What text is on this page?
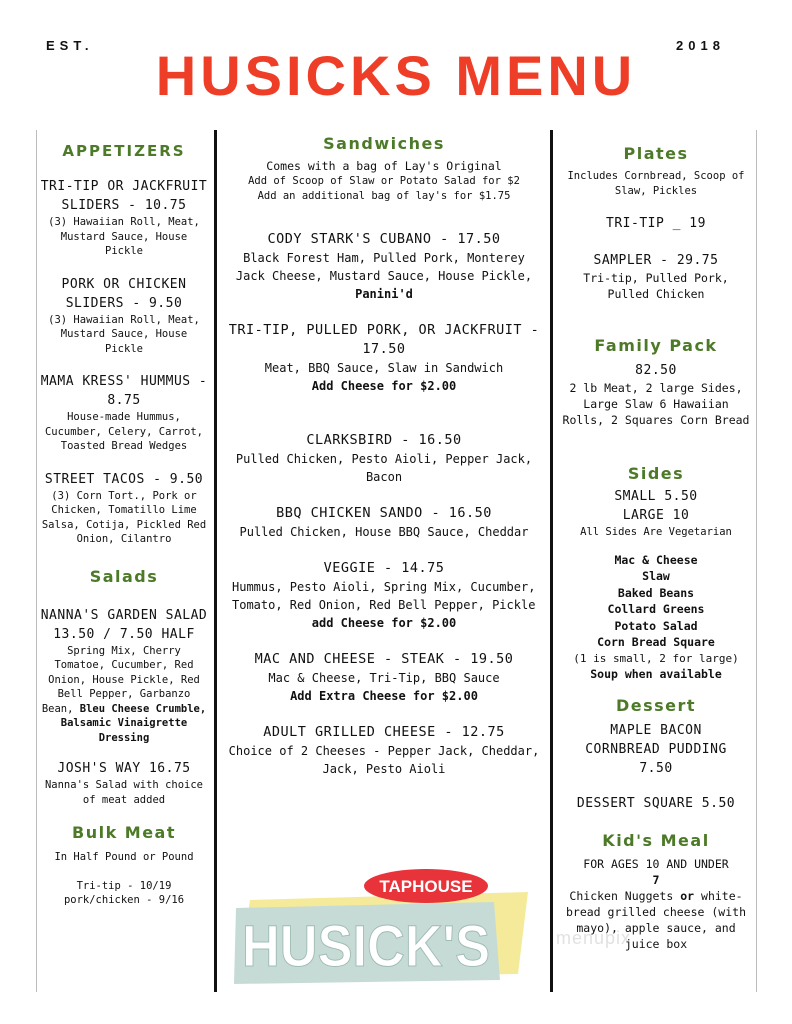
EST.	2018
HUSICKS MENU
APPETIZERS

TRI-TIP OR JACKFRUIT SLIDERS - 10.75

(3) Hawaiian Roll, Meat, Mustard Sauce, House Pickle

PORK OR CHICKEN SLIDERS - 9.50

(3) Hawaiian Roll, Meat, Mustard Sauce, House Pickle

MAMA KRESS' HUMMUS - 8.75

House-made Hummus, Cucumber, Celery, Carrot, Toasted Bread Wedges

STREET TACOS - 9.50

(3) Corn Tort., Pork or Chicken, Tomatillo Lime Salsa, Cotija, Pickled Red Onion, Cilantro

Salads

NANNA'S GARDEN SALAD 13.50 / 7.50 HALF

Spring Mix, Cherry Tomatoe, Cucumber, Red Onion, House Pickle, Red Bell Pepper, Garbanzo Bean, Bleu Cheese Crumble, Balsamic Vinaigrette Dressing

JOSH'S WAY 16.75

Nanna's Salad with choice of meat added

Bulk Meat

In Half Pound or Pound

Tri-tip - 10/19

pork/chicken - 9/16

Sandwiches

Comes with a bag of Lay's Original

Add of Scoop of Slaw or Potato Salad for $2

Add an additional bag of lay's for $1.75

CODY STARK'S CUBANO - 17.50

Black Forest Ham, Pulled Pork, Monterey Jack Cheese, Mustard Sauce, House Pickle, Panini'd

TRI-TIP, PULLED PORK, OR JACKFRUIT - 17.50

Meat, BBQ Sauce, Slaw in Sandwich

Add Cheese for $2.00

CLARKSBIRD - 16.50

Pulled Chicken, Pesto Aioli, Pepper Jack, Bacon

BBQ CHICKEN SANDO - 16.50

Pulled Chicken, House BBQ Sauce, Cheddar

VEGGIE - 14.75

Hummus, Pesto Aioli, Spring Mix, Cucumber, Tomato, Red Onion, Red Bell Pepper, Pickle

add Cheese for $2.00

MAC AND CHEESE - STEAK - 19.50

Mac & Cheese, Tri-Tip, BBQ Sauce

Add Extra Cheese for $2.00

ADULT GRILLED CHEESE - 12.75

Choice of 2 Cheeses - Pepper Jack, Cheddar, Jack, Pesto Aioli

Plates

Includes Cornbread, Scoop of Slaw, Pickles

TRI-TIP _ 19

SAMPLER - 29.75

Tri-tip, Pulled Pork, Pulled Chicken

Family Pack

82.50

2 lb Meat, 2 large Sides, Large Slaw 6 Hawaiian Rolls, 2 Squares Corn Bread

Sides

SMALL 5.50

LARGE 10

All Sides Are Vegetarian

Mac & Cheese

Slaw

Baked Beans

Collard Greens

Potato Salad

Corn Bread Square

(1 is small, 2 for large)

Soup when available

Dessert

MAPLE BACON CORNBREAD PUDDING 7.50

DESSERT SQUARE 5.50

Kid's Meal

FOR AGES 10 AND UNDER

7

Chicken Nuggets or white-bread grilled cheese (with mayo), apple sauce, and juice box

TAPHOUSE
HUSICK'S	menupix
